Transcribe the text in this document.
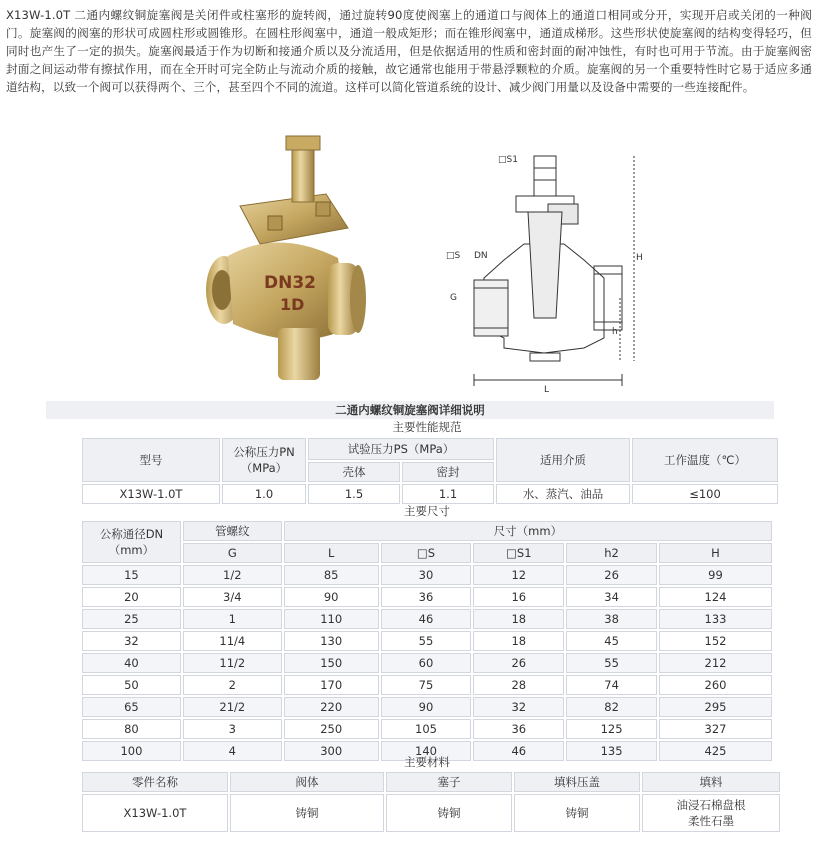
X13W-1.0T 二通内螺纹铜旋塞阀是关闭件或柱塞形的旋转阀，通过旋转90度使阀塞上的通道口与阀体上的通道口相同或分开，实现开启或关闭的一种阀门。旋塞阀的阀塞的形状可成圆柱形或圆锥形。在圆柱形阀塞中，通道一般成矩形；而在锥形阀塞中，通道成梯形。这些形状使旋塞阀的结构变得轻巧，但同时也产生了一定的损失。旋塞阀最适于作为切断和接通介质以及分流适用，但是依据适用的性质和密封面的耐冲蚀性，有时也可用于节流。由于旋塞阀密封面之间运动带有擦拭作用，而在全开时可完全防止与流动介质的接触，故它通常也能用于带悬浮颗粒的介质。旋塞阀的另一个重要特性时它易于适应多通道结构，以致一个阀可以获得两个、三个，甚至四个不同的流道。这样可以简化管道系统的设计、减少阀门用量以及设备中需要的一些连接配件。
DN32
1D
□S1
□S DN
G
H
h
L
二通内螺纹铜旋塞阀详细说明
主要性能规范
型号	公称压力PN（MPa）	试验压力PS（MPa）		适用介质	工作温度（℃）
		壳体	密封		
X13W-1.0T	1.0	1.5	1.1	水、蒸汽、油品	≤100
主要尺寸
公称通径DN（mm）	管螺纹	尺寸（mm）				
	G	L	□S	□S1	h2	H
15	1/2	85	30	12	26	99
20	3/4	90	36	16	34	124
25	1	110	46	18	38	133
32	11/4	130	55	18	45	152
40	11/2	150	60	26	55	212
50	2	170	75	28	74	260
65	21/2	220	90	32	82	295
80	3	250	105	36	125	327
100	4	300	140	46	135	425
主要材料
零件名称	阀体	塞子	填料压盖	填料
X13W-1.0T	铸铜	铸铜	铸铜	油浸石棉盘根
柔性石墨
